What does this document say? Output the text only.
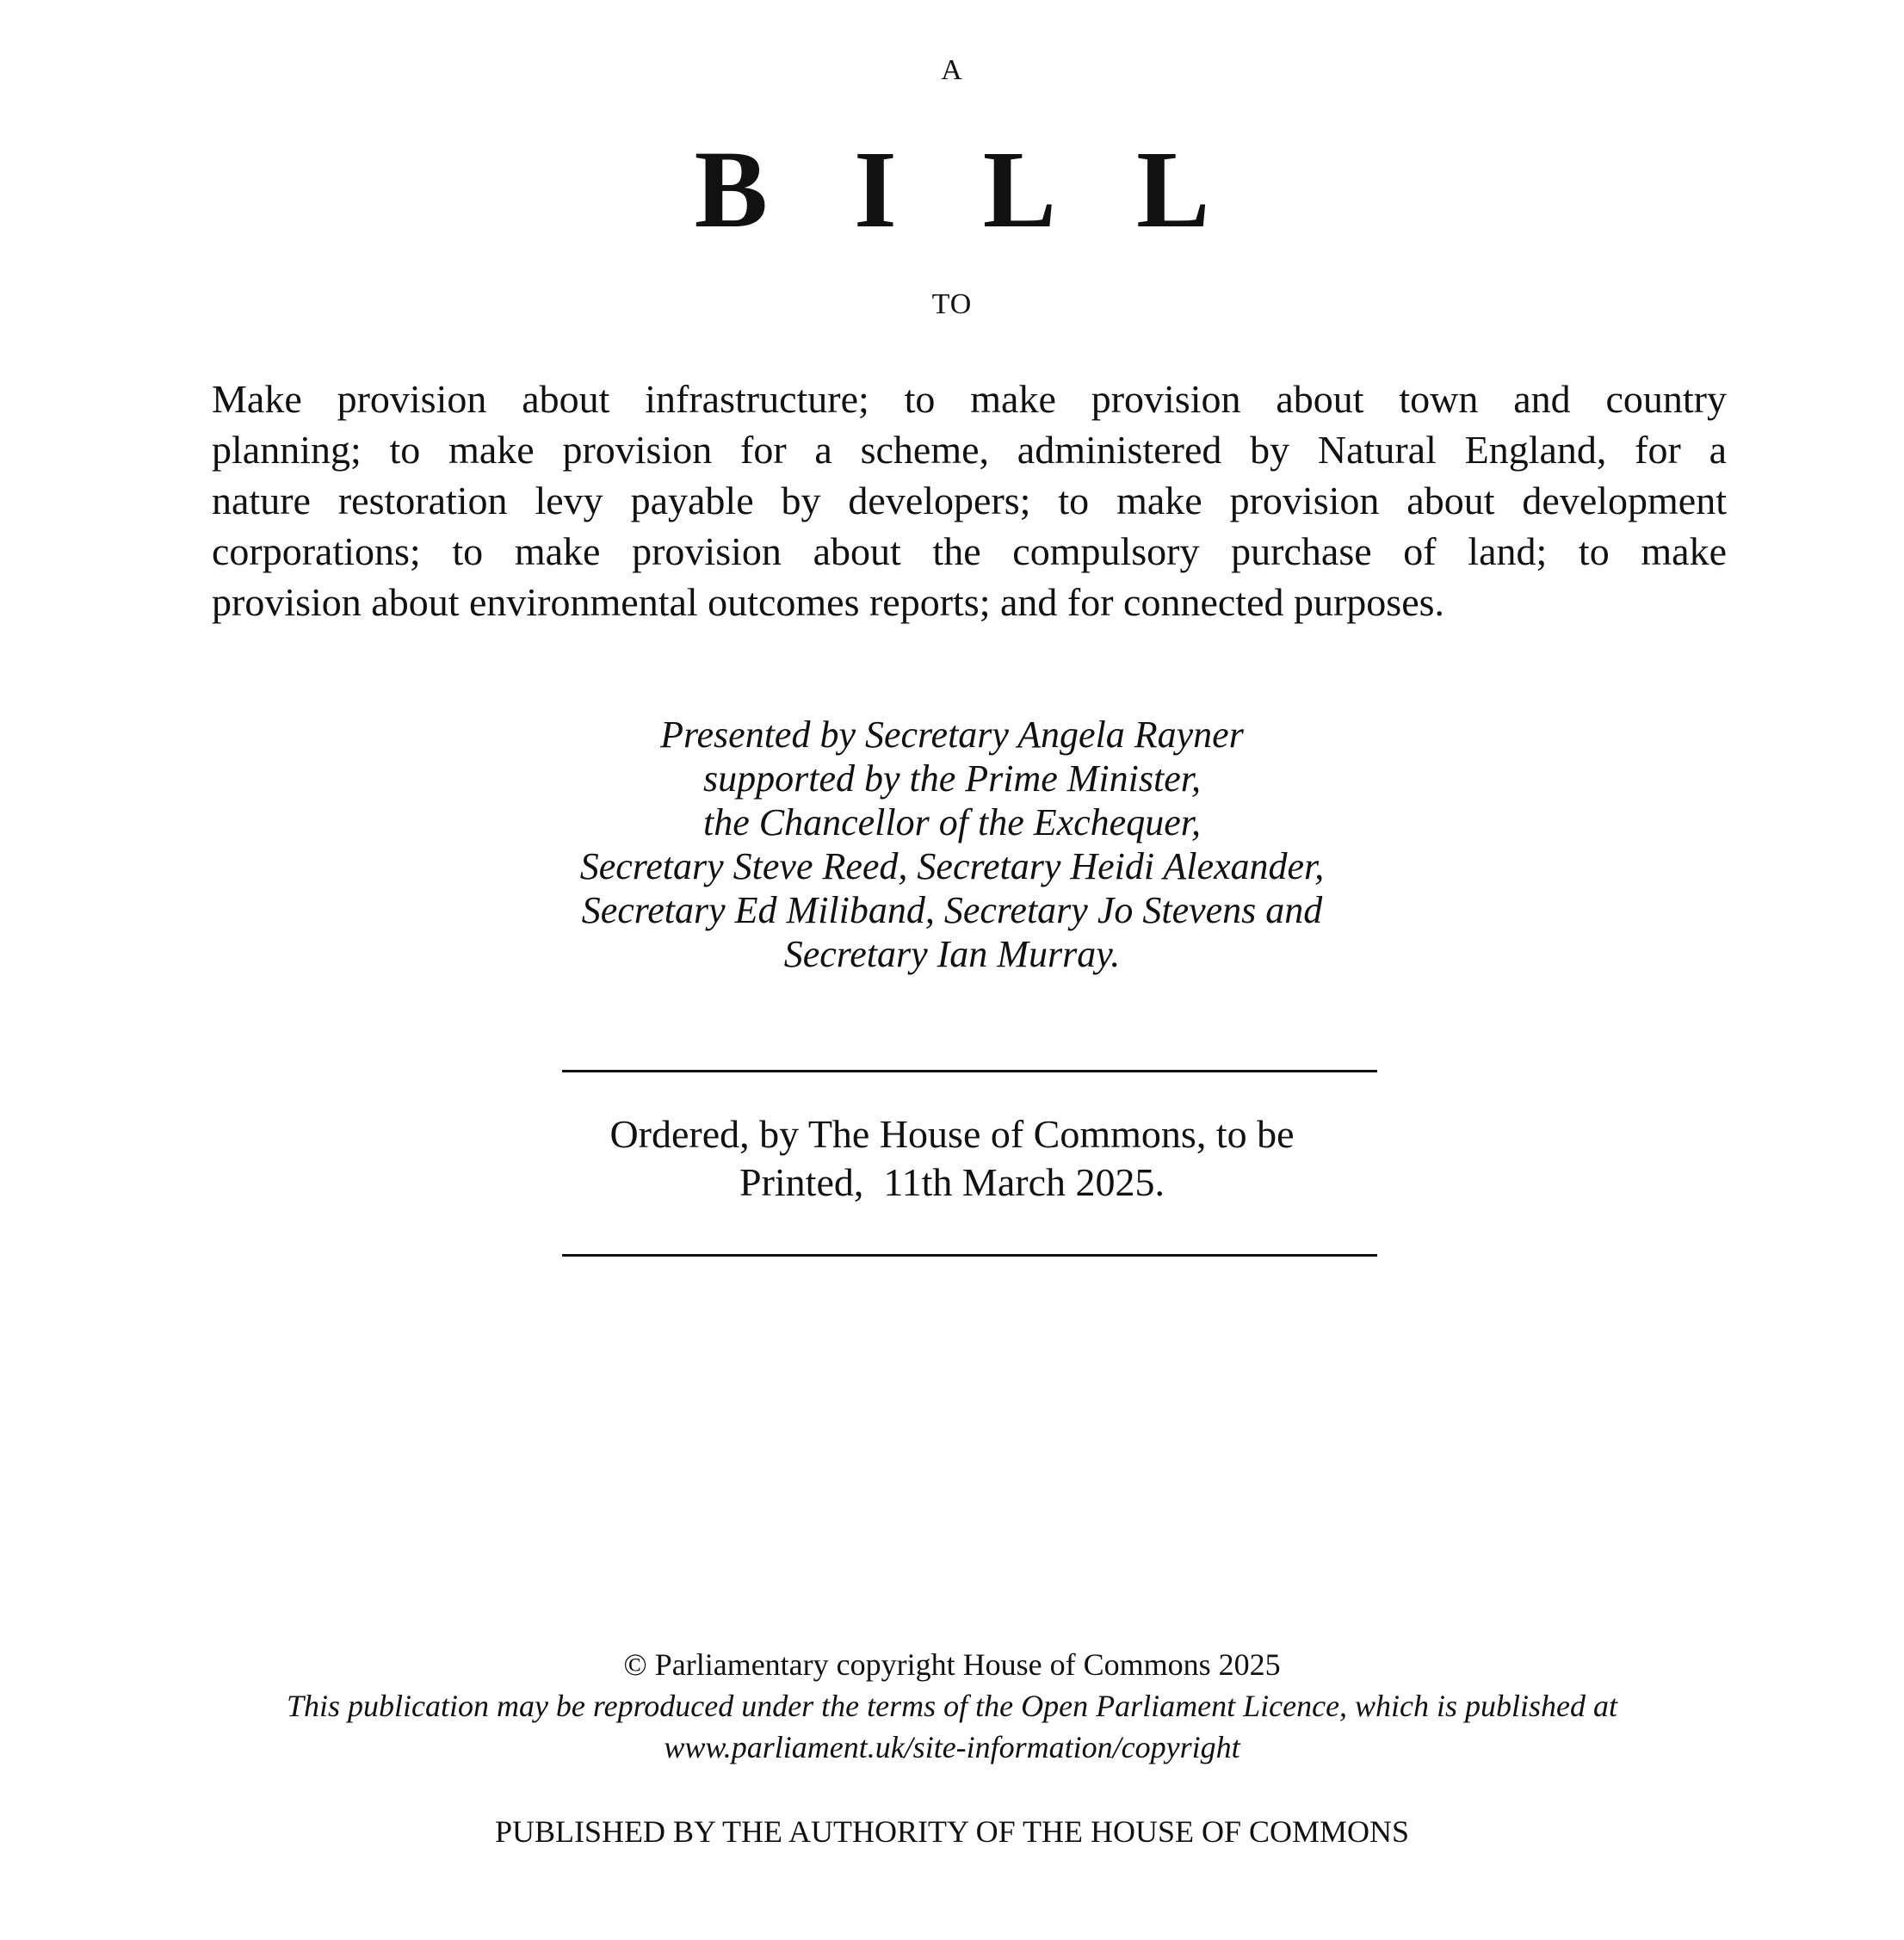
A
B I L L
TO
Make provision about infrastructure; to make provision about town and country
planning; to make provision for a scheme, administered by Natural England, for a
nature restoration levy payable by developers; to make provision about development
corporations; to make provision about the compulsory purchase of land; to make
provision about environmental outcomes reports; and for connected purposes.
Presented by Secretary Angela Rayner
supported by the Prime Minister,
the Chancellor of the Exchequer,
Secretary Steve Reed, Secretary Heidi Alexander,
Secretary Ed Miliband, Secretary Jo Stevens and
Secretary Ian Murray.
Ordered, by The House of Commons, to be
Printed,  11th March 2025.
© Parliamentary copyright House of Commons 2025
This publication may be reproduced under the terms of the Open Parliament Licence, which is published at
www.parliament.uk/site-information/copyright
PUBLISHED BY THE AUTHORITY OF THE HOUSE OF COMMONS
